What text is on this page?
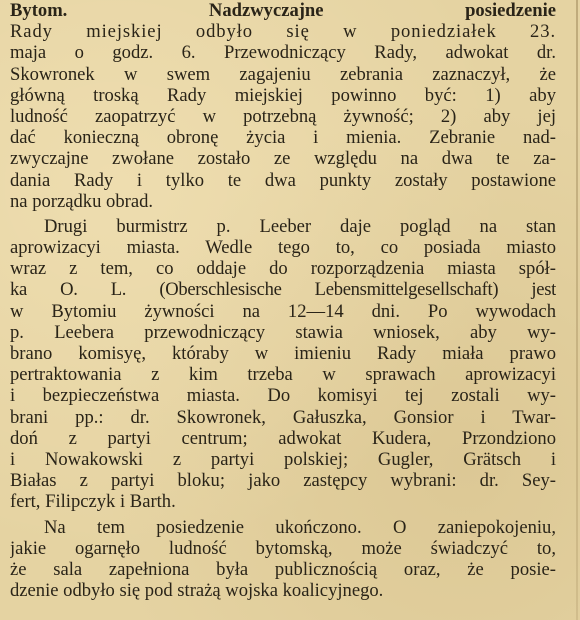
Bytom. Nadzwyczajne posiedzenie
Rady miejskiej odbyło się w poniedziałek 23.
maja o godz. 6. Przewodniczący Rady, adwokat dr.
Skowronek w swem zagajeniu zebrania zaznaczył, że
główną troską Rady miejskiej powinno być: 1) aby
ludność zaopatrzyć w potrzebną żywność; 2) aby jej
dać konieczną obronę życia i mienia. Zebranie nad-
zwyczajne zwołane zostało ze względu na dwa te za-
dania Rady i tylko te dwa punkty zostały postawione
na porządku obrad.
Drugi burmistrz p. Leeber daje pogląd na stan
aprowizacyi miasta. Wedle tego to, co posiada miasto
wraz z tem, co oddaje do rozporządzenia miasta spół-
ka O. L. (Oberschlesische Lebensmittelgesellschaft) jest
w Bytomiu żywności na 12—14 dni. Po wywodach
p. Leebera przewodniczący stawia wniosek, aby wy-
brano komisyę, któraby w imieniu Rady miała prawo
pertraktowania z kim trzeba w sprawach aprowizacyi
i bezpieczeństwa miasta. Do komisyi tej zostali wy-
brani pp.: dr. Skowronek, Gałuszka, Gonsior i Twar-
doń z partyi centrum; adwokat Kudera, Przondziono
i Nowakowski z partyi polskiej; Gugler, Grätsch i
Białas z partyi bloku; jako zastępcy wybrani: dr. Sey-
fert, Filipczyk i Barth.
Na tem posiedzenie ukończono. O zaniepokojeniu,
jakie ogarnęło ludność bytomską, może świadczyć to,
że sala zapełniona była publicznością oraz, że posie-
dzenie odbyło się pod strażą wojska koalicyjnego.
